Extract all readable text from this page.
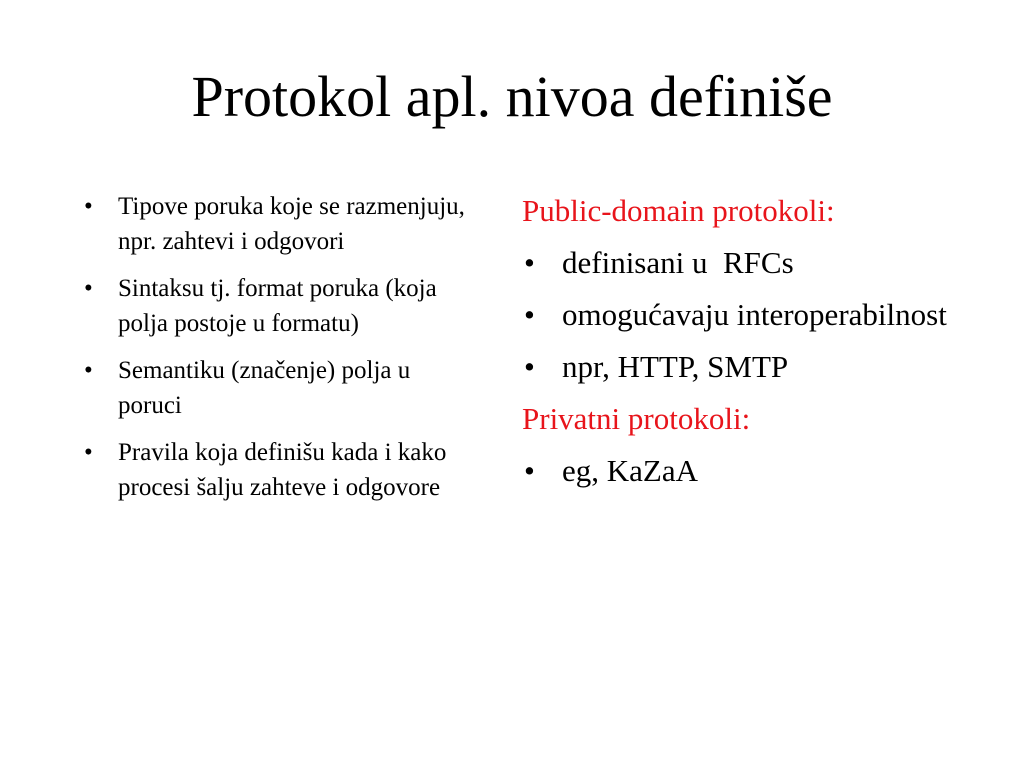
Protokol apl. nivoa definiše
• Tipove poruka koje se razmenjuju, npr. zahtevi i odgovori
• Sintaksu tj. format poruka (koja polja postoje u formatu)
• Semantiku (značenje) polja u poruci
• Pravila koja definišu kada i kako procesi šalju zahteve i odgovore
Public-domain protokoli:
• definisani u  RFCs
• omogućavaju interoperabilnost
• npr, HTTP, SMTP
Privatni protokoli:
• eg, KaZaA
